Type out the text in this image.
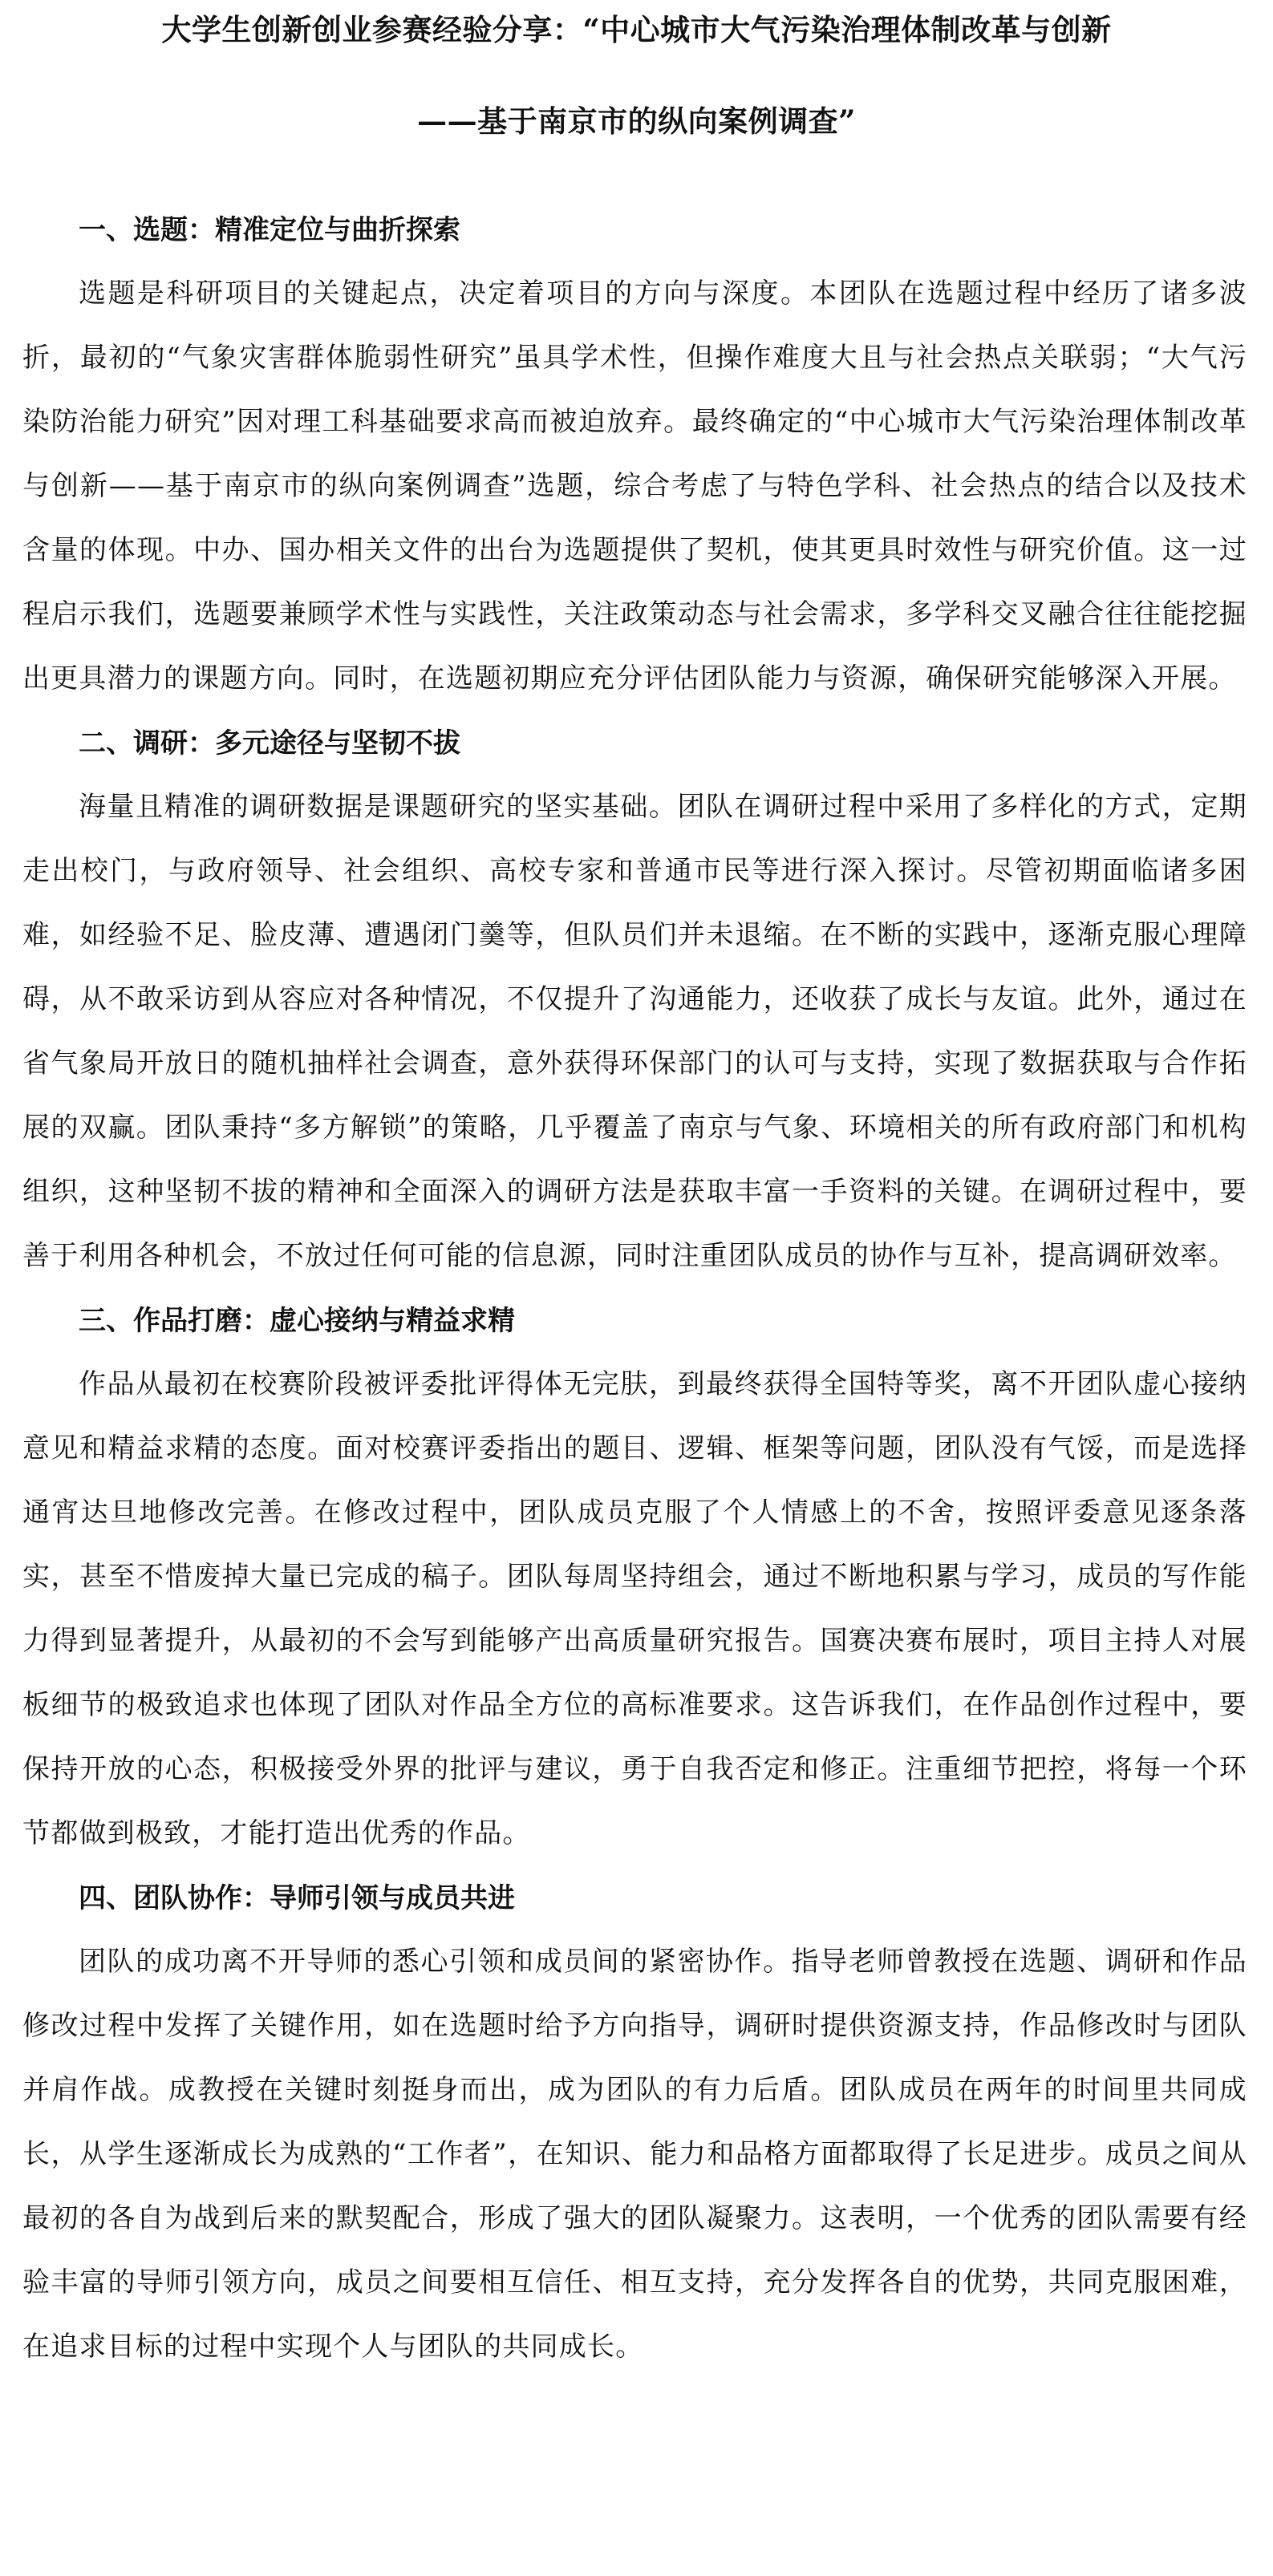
大学生创新创业参赛经验分享：“中心城市大气污染治理体制改革与创新
——基于南京市的纵向案例调查”
一、选题：精准定位与曲折探索

选题是科研项目的关键起点，决定着项目的方向与深度。本团队在选题过程中经历了诸多波折，最初的“气象灾害群体脆弱性研究”虽具学术性，但操作难度大且与社会热点关联弱；“大气污染防治能力研究”因对理工科基础要求高而被迫放弃。最终确定的“中心城市大气污染治理体制改革与创新——基于南京市的纵向案例调查”选题，综合考虑了与特色学科、社会热点的结合以及技术含量的体现。中办、国办相关文件的出台为选题提供了契机，使其更具时效性与研究价值。这一过程启示我们，选题要兼顾学术性与实践性，关注政策动态与社会需求，多学科交叉融合往往能挖掘出更具潜力的课题方向。同时，在选题初期应充分评估团队能力与资源，确保研究能够深入开展。

二、调研：多元途径与坚韧不拔

海量且精准的调研数据是课题研究的坚实基础。团队在调研过程中采用了多样化的方式，定期走出校门，与政府领导、社会组织、高校专家和普通市民等进行深入探讨。尽管初期面临诸多困难，如经验不足、脸皮薄、遭遇闭门羹等，但队员们并未退缩。在不断的实践中，逐渐克服心理障碍，从不敢采访到从容应对各种情况，不仅提升了沟通能力，还收获了成长与友谊。此外，通过在省气象局开放日的随机抽样社会调查，意外获得环保部门的认可与支持，实现了数据获取与合作拓展的双赢。团队秉持“多方解锁”的策略，几乎覆盖了南京与气象、环境相关的所有政府部门和机构组织，这种坚韧不拔的精神和全面深入的调研方法是获取丰富一手资料的关键。在调研过程中，要善于利用各种机会，不放过任何可能的信息源，同时注重团队成员的协作与互补，提高调研效率。

三、作品打磨：虚心接纳与精益求精

作品从最初在校赛阶段被评委批评得体无完肤，到最终获得全国特等奖，离不开团队虚心接纳意见和精益求精的态度。面对校赛评委指出的题目、逻辑、框架等问题，团队没有气馁，而是选择通宵达旦地修改完善。在修改过程中，团队成员克服了个人情感上的不舍，按照评委意见逐条落实，甚至不惜废掉大量已完成的稿子。团队每周坚持组会，通过不断地积累与学习，成员的写作能力得到显著提升，从最初的不会写到能够产出高质量研究报告。国赛决赛布展时，项目主持人对展板细节的极致追求也体现了团队对作品全方位的高标准要求。这告诉我们，在作品创作过程中，要保持开放的心态，积极接受外界的批评与建议，勇于自我否定和修正。注重细节把控，将每一个环节都做到极致，才能打造出优秀的作品。

四、团队协作：导师引领与成员共进

团队的成功离不开导师的悉心引领和成员间的紧密协作。指导老师曾教授在选题、调研和作品修改过程中发挥了关键作用，如在选题时给予方向指导，调研时提供资源支持，作品修改时与团队并肩作战。成教授在关键时刻挺身而出，成为团队的有力后盾。团队成员在两年的时间里共同成长，从学生逐渐成长为成熟的“工作者”，在知识、能力和品格方面都取得了长足进步。成员之间从最初的各自为战到后来的默契配合，形成了强大的团队凝聚力。这表明，一个优秀的团队需要有经验丰富的导师引领方向，成员之间要相互信任、相互支持，充分发挥各自的优势，共同克服困难，在追求目标的过程中实现个人与团队的共同成长。
